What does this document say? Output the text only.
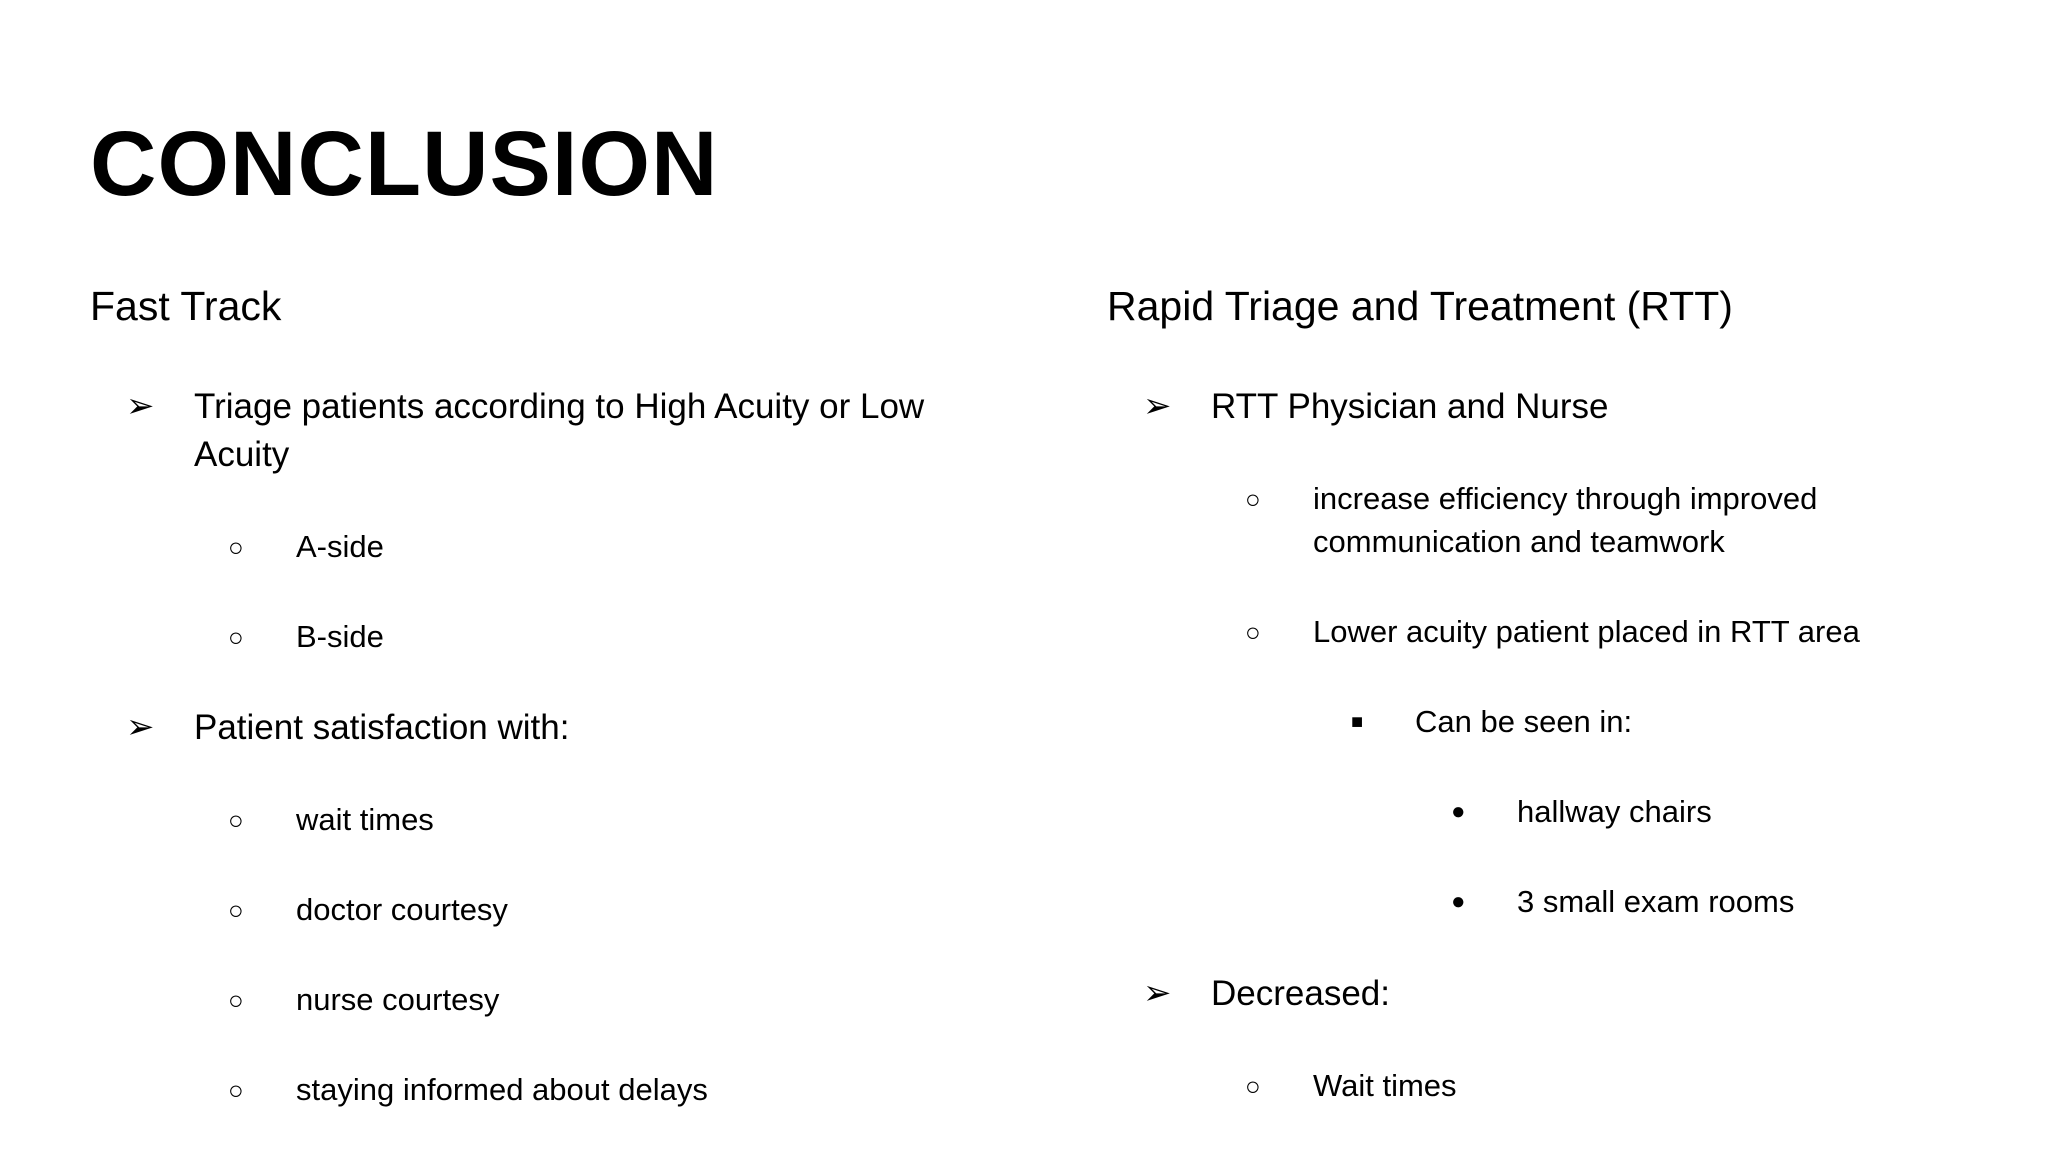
CONCLUSION
Fast Track
➢ Triage patients according to High Acuity or Low
Acuity
○ A-side
○ B-side
➢ Patient satisfaction with:
○ wait times
○ doctor courtesy
○ nurse courtesy
○ staying informed about delays
Rapid Triage and Treatment (RTT)
➢ RTT Physician and Nurse
○ increase efficiency through improved
communication and teamwork
○ Lower acuity patient placed in RTT area
■ Can be seen in:
● hallway chairs
● 3 small exam rooms
➢ Decreased:
○ Wait times
